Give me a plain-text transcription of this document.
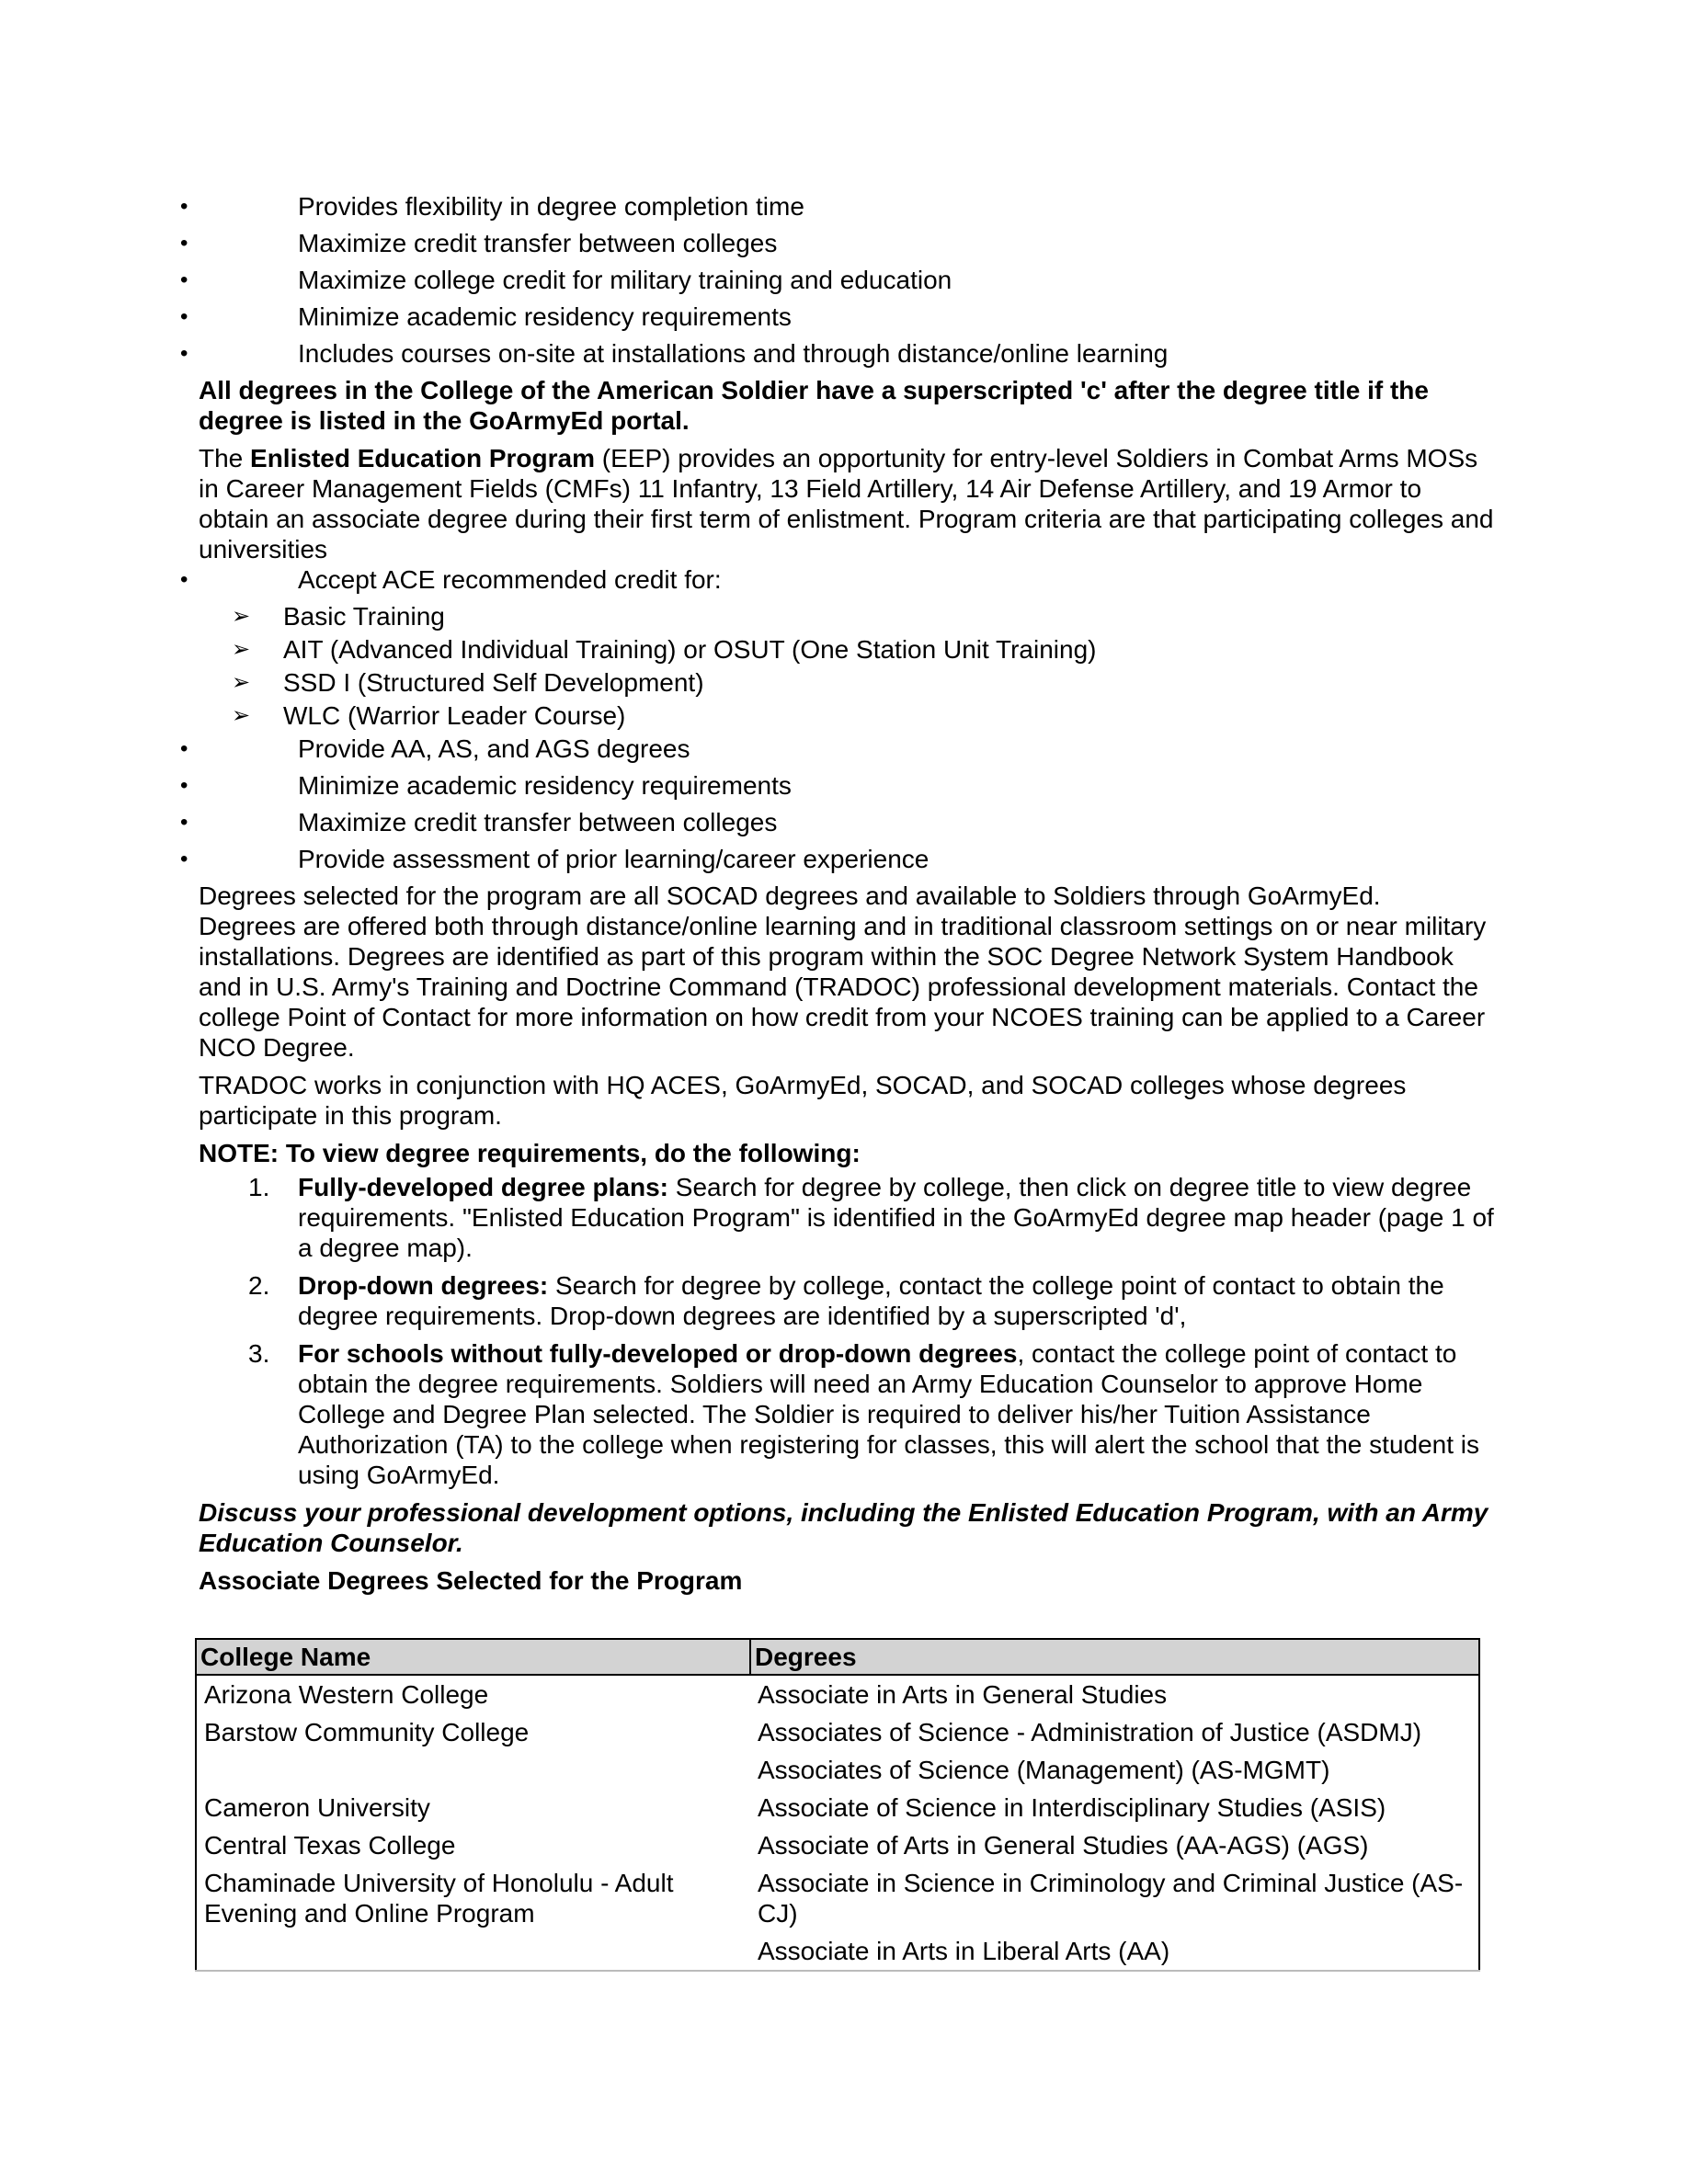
•	Provides flexibility in degree completion time
•	Maximize credit transfer between colleges
•	Maximize college credit for military training and education
•	Minimize academic residency requirements
•	Includes courses on-site at installations and through distance/online learning

All degrees in the College of the American Soldier have a superscripted 'c' after the degree title if the degree is listed in the GoArmyEd portal.

The Enlisted Education Program (EEP) provides an opportunity for entry-level Soldiers in Combat Arms MOSs in Career Management Fields (CMFs) 11 Infantry, 13 Field Artillery, 14 Air Defense Artillery, and 19 Armor to obtain an associate degree during their first term of enlistment. Program criteria are that participating colleges and universities

•	Accept ACE recommended credit for:
➢ Basic Training
➢ AIT (Advanced Individual Training) or OSUT (One Station Unit Training)
➢ SSD I (Structured Self Development)
➢ WLC (Warrior Leader Course)
•	Provide AA, AS, and AGS degrees
•	Minimize academic residency requirements
•	Maximize credit transfer between colleges
•	Provide assessment of prior learning/career experience

Degrees selected for the program are all SOCAD degrees and available to Soldiers through GoArmyEd.

Degrees are offered both through distance/online learning and in traditional classroom settings on or near military installations. Degrees are identified as part of this program within the SOC Degree Network System Handbook and in U.S. Army's Training and Doctrine Command (TRADOC) professional development materials. Contact the college Point of Contact for more information on how credit from your NCOES training can be applied to a Career NCO Degree.

TRADOC works in conjunction with HQ ACES, GoArmyEd, SOCAD, and SOCAD colleges whose degrees participate in this program.

NOTE: To view degree requirements, do the following:

1. Fully-developed degree plans: Search for degree by college, then click on degree title to view degree requirements. "Enlisted Education Program" is identified in the GoArmyEd degree map header (page 1 of a degree map).
2. Drop-down degrees: Search for degree by college, contact the college point of contact to obtain the degree requirements. Drop-down degrees are identified by a superscripted 'd',
3. For schools without fully-developed or drop-down degrees, contact the college point of contact to obtain the degree requirements. Soldiers will need an Army Education Counselor to approve Home College and Degree Plan selected. The Soldier is required to deliver his/her Tuition Assistance Authorization (TA) to the college when registering for classes, this will alert the school that the student is using GoArmyEd.

Discuss your professional development options, including the Enlisted Education Program, with an Army Education Counselor.

Associate Degrees Selected for the Program

College Name	Degrees
Arizona Western College	Associate in Arts in General Studies
Barstow Community College	Associates of Science - Administration of Justice (ASDMJ)
	Associates of Science (Management) (AS-MGMT)
Cameron University	Associate of Science in Interdisciplinary Studies (ASIS)
Central Texas College	Associate of Arts in General Studies (AA-AGS) (AGS)
Chaminade University of Honolulu - Adult Evening and Online Program	Associate in Science in Criminology and Criminal Justice (AS-CJ)
	Associate in Arts in Liberal Arts (AA)
